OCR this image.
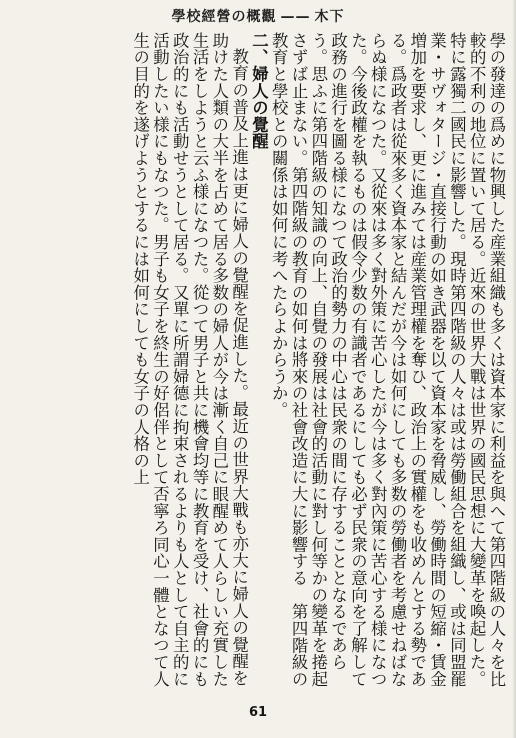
學校經營の概觀 —— 木下

學の發達の爲めに物興した産業組織も多くは資本家に利益を與へて第四階級の人々を比較的不利の地位に置いて居る。近來の世界大戰は世界の國民思想に大變革を喚起した。特に露獨二國民に影響した。現時第四階級の人々は或は勞働組合を組織し、或は同盟罷業・サヴォタージ・直接行動の如き武器を以て資本家を脅威し、勞働時間の短縮・賃金増加を要求し、更に進みては産業管理權を奪ひ、政治上の實權をも收めんとする勢である。爲政者は從來多く資本家と結んだが今は如何にしても多数の勞働者を考慮せねばならぬ様になつた。又從來は多く對外策に苦心したが今は多く對內策に苦心する様になつた。今後政權を執るものは假令少数の有識者であるにしても必ず民衆の意向を了解して政務の進行を圖る様になつて政治的勢力の中心は民衆の間に存することとなるであらう。思ふに第四階級の知識の向上、自覺の發展は社會的活動に對し何等かの變革を捲起さずば止まない。第四階級の教育の如何は將來の社會改造に大に影響する　第四階級の教育と學校との關係は如何に考へたらよからうか。

二、婦人の覺醒

教育の普及上進は更に婦人の覺醒を促進した。最近の世界大戰も亦大に婦人の覺醒を助けた人類の大半を占めて居る多数の婦人が今は漸く自己に眼醒めて人らしい充實した生活をしようと云ふ様になつた。從つて男子と共に機會均等に教育を受け、社會的にも政治的にも活動せうとして居る。又單に所謂婦德に拘束されるよりも人として自主的に活動したい様にもなつた。男子も女子を終生の好侶伴として否寧ろ同心一體となつて人生の目的を遂げようとするには如何にしても女子の人格の上

61
